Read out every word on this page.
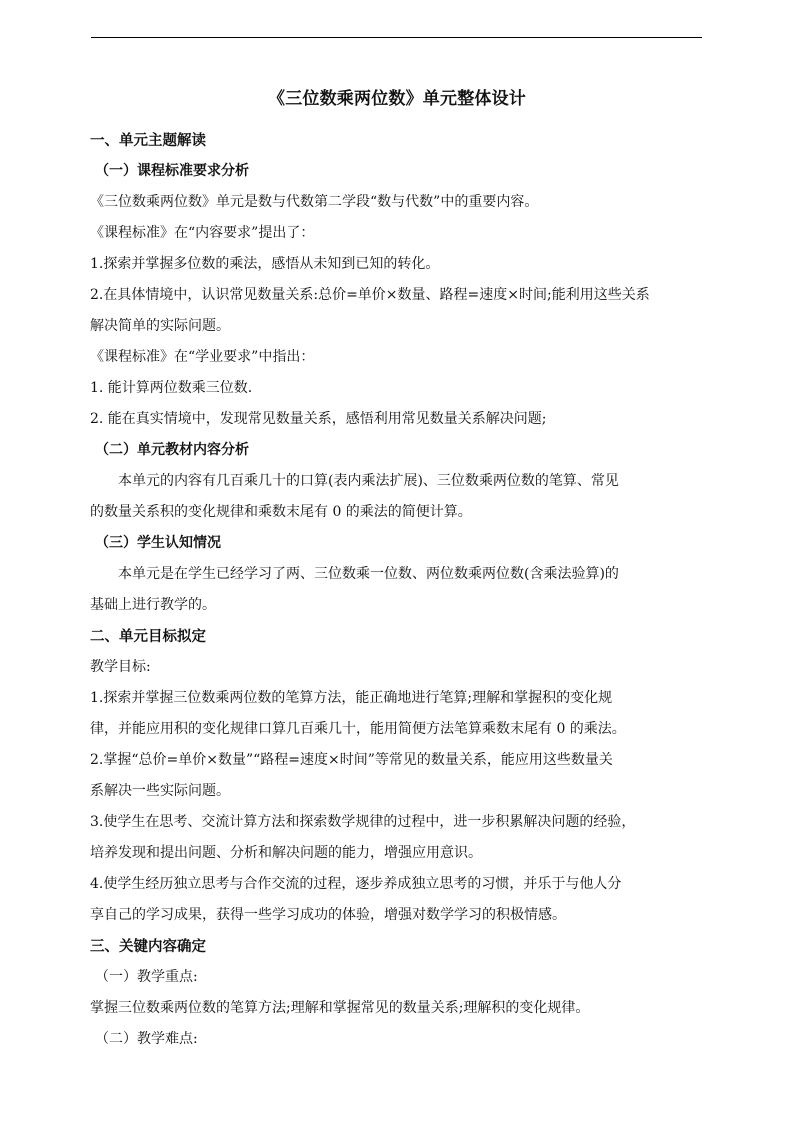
《三位数乘两位数》单元整体设计
一、单元主题解读
（一）课程标准要求分析
《三位数乘两位数》单元是数与代数第二学段“数与代数”中的重要内容。
《课程标准》在“内容要求”提出了：
1.探索并掌握多位数的乘法，感悟从未知到已知的转化。
2.在具体情境中，认识常见数量关系:总价=单价×数量、路程=速度×时间;能利用这些关系
解决简单的实际问题。
《课程标准》在“学业要求”中指出：
1. 能计算两位数乘三位数.
2. 能在真实情境中，发现常见数量关系，感悟利用常见数量关系解决问题;
（二）单元教材内容分析
本单元的内容有几百乘几十的口算(表内乘法扩展)、三位数乘两位数的笔算、常见
的数量关系积的变化规律和乘数末尾有 0 的乘法的简便计算。
（三）学生认知情况
本单元是在学生已经学习了两、三位数乘一位数、两位数乘两位数(含乘法验算)的
基础上进行教学的。
二、单元目标拟定
教学目标:
1.探索并掌握三位数乘两位数的笔算方法，能正确地进行笔算;理解和掌握积的变化规
律，并能应用积的变化规律口算几百乘几十，能用简便方法笔算乘数末尾有 0 的乘法。
2.掌握“总价=单价×数量”“路程=速度×时间”等常见的数量关系，能应用这些数量关
系解决一些实际问题。
3.使学生在思考、交流计算方法和探索数学规律的过程中，进一步积累解决问题的经验，
培养发现和提出问题、分析和解决问题的能力，增强应用意识。
4.使学生经历独立思考与合作交流的过程，逐步养成独立思考的习惯，并乐于与他人分
享自己的学习成果，获得一些学习成功的体验，增强对数学学习的积极情感。
三、关键内容确定
（一）教学重点:
掌握三位数乘两位数的笔算方法;理解和掌握常见的数量关系;理解积的变化规律。
（二）教学难点:
